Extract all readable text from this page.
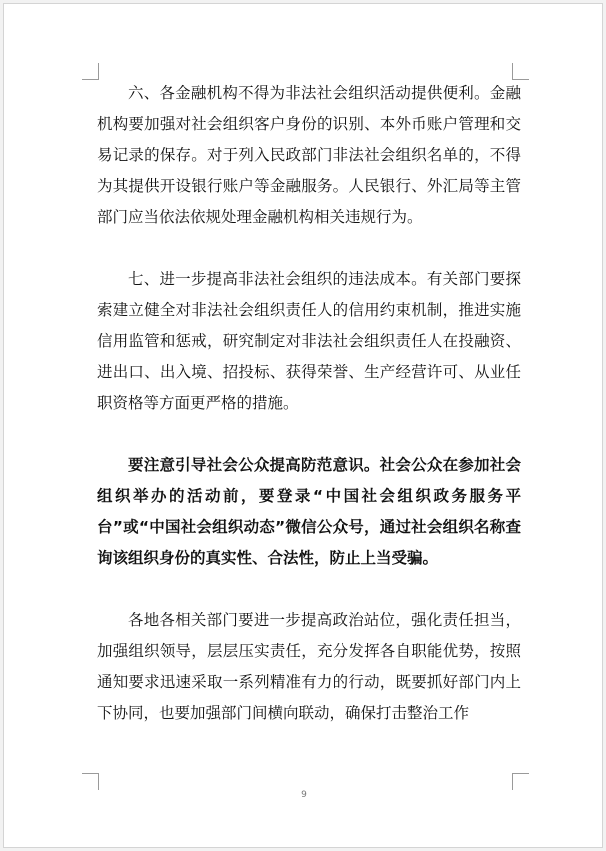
六、各金融机构不得为非法社会组织活动提供便利。金融机构要加强对社会组织客户身份的识别、本外币账户管理和交易记录的保存。对于列入民政部门非法社会组织名单的，不得为其提供开设银行账户等金融服务。人民银行、外汇局等主管部门应当依法依规处理金融机构相关违规行为。

七、进一步提高非法社会组织的违法成本。有关部门要探索建立健全对非法社会组织责任人的信用约束机制，推进实施信用监管和惩戒，研究制定对非法社会组织责任人在投融资、进出口、出入境、招投标、获得荣誉、生产经营许可、从业任职资格等方面更严格的措施。

要注意引导社会公众提高防范意识。社会公众在参加社会组织举办的活动前，要登录“中国社会组织政务服务平台”或“中国社会组织动态”微信公众号，通过社会组织名称查询该组织身份的真实性、合法性，防止上当受骗。

各地各相关部门要进一步提高政治站位，强化责任担当，加强组织领导，层层压实责任，充分发挥各自职能优势，按照通知要求迅速采取一系列精准有力的行动，既要抓好部门内上下协同，也要加强部门间横向联动，确保打击整治工作

9
